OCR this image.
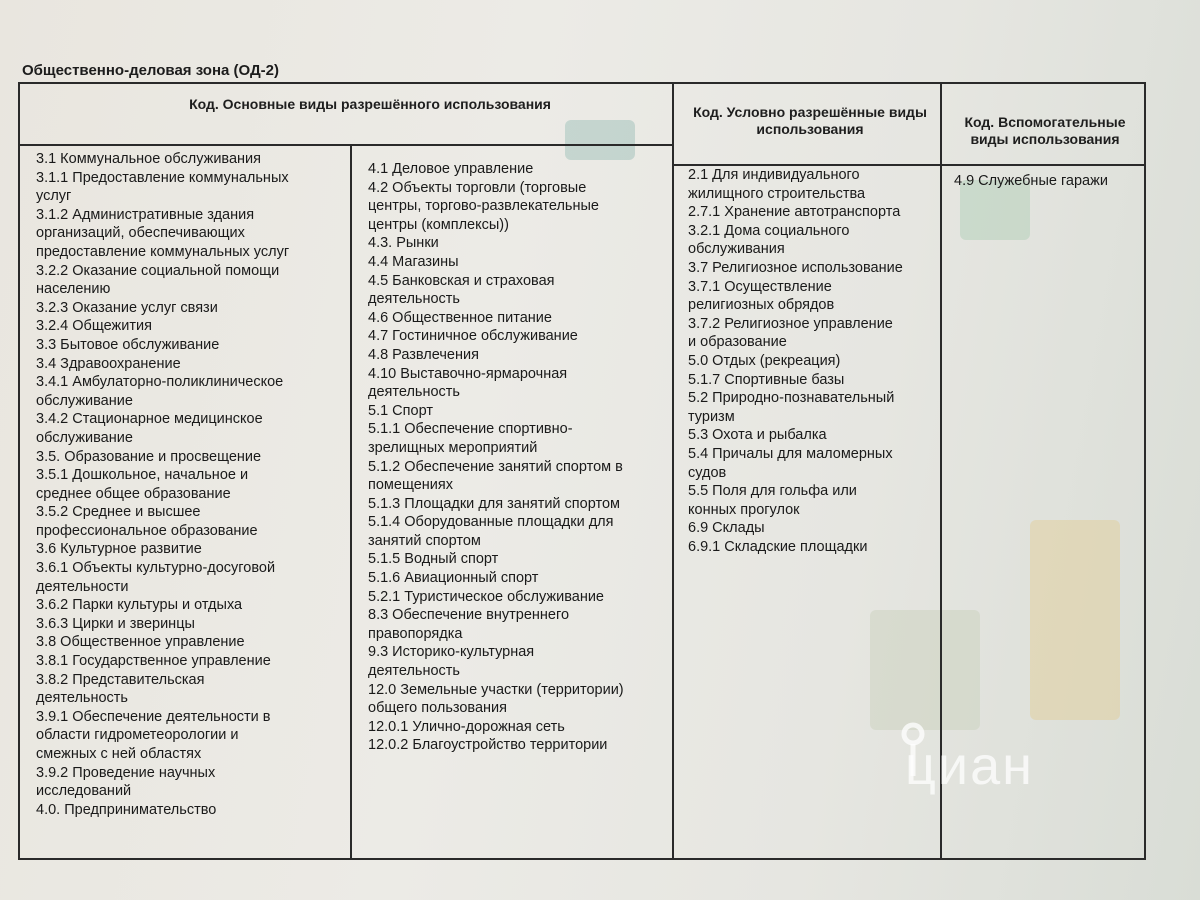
Общественно-деловая зона (ОД-2)
Код. Основные виды разрешённого использования	Код. Условно разрешённые виды использования	Код. Вспомогательные виды использования
3.1 Коммунальное обслуживания
3.1.1 Предоставление коммунальных
услуг
3.1.2 Административные здания
организаций, обеспечивающих
предоставление коммунальных услуг
3.2.2 Оказание социальной помощи
населению
3.2.3 Оказание услуг связи
3.2.4 Общежития
3.3 Бытовое обслуживание
3.4 Здравоохранение
3.4.1 Амбулаторно-поликлиническое
обслуживание
3.4.2 Стационарное медицинское
обслуживание
3.5. Образование и просвещение
3.5.1 Дошкольное, начальное и
среднее общее образование
3.5.2 Среднее и высшее
профессиональное образование
3.6 Культурное развитие
3.6.1 Объекты культурно-досуговой
деятельности
3.6.2 Парки культуры и отдыха
3.6.3 Цирки и зверинцы
3.8 Общественное управление
3.8.1 Государственное управление
3.8.2 Представительская
деятельность
3.9.1 Обеспечение деятельности в
области гидрометеорологии и
смежных с ней областях
3.9.2 Проведение научных
исследований
4.0. Предпринимательство
4.1 Деловое управление
4.2 Объекты торговли (торговые
центры, торгово-развлекательные
центры (комплексы))
4.3. Рынки
4.4 Магазины
4.5 Банковская и страховая
деятельность
4.6 Общественное питание
4.7 Гостиничное обслуживание
4.8 Развлечения
4.10 Выставочно-ярмарочная
деятельность
5.1 Спорт
5.1.1 Обеспечение спортивно-
зрелищных мероприятий
5.1.2 Обеспечение занятий спортом в
помещениях
5.1.3 Площадки для занятий спортом
5.1.4 Оборудованные площадки для
занятий спортом
5.1.5 Водный спорт
5.1.6 Авиационный спорт
5.2.1 Туристическое обслуживание
8.3 Обеспечение внутреннего
правопорядка
9.3 Историко-культурная
деятельность
12.0 Земельные участки (территории)
общего пользования
12.0.1 Улично-дорожная сеть
12.0.2 Благоустройство территории
2.1 Для индивидуального
жилищного строительства
2.7.1 Хранение автотранспорта
3.2.1 Дома социального
обслуживания
3.7 Религиозное использование
3.7.1 Осуществление
религиозных обрядов
3.7.2 Религиозное управление
и образование
5.0 Отдых (рекреация)
5.1.7 Спортивные базы
5.2 Природно-познавательный
туризм
5.3 Охота и рыбалка
5.4 Причалы для маломерных
судов
5.5 Поля для гольфа или
конных прогулок
6.9 Склады
6.9.1 Складские площадки
4.9 Служебные гаражи
циан
